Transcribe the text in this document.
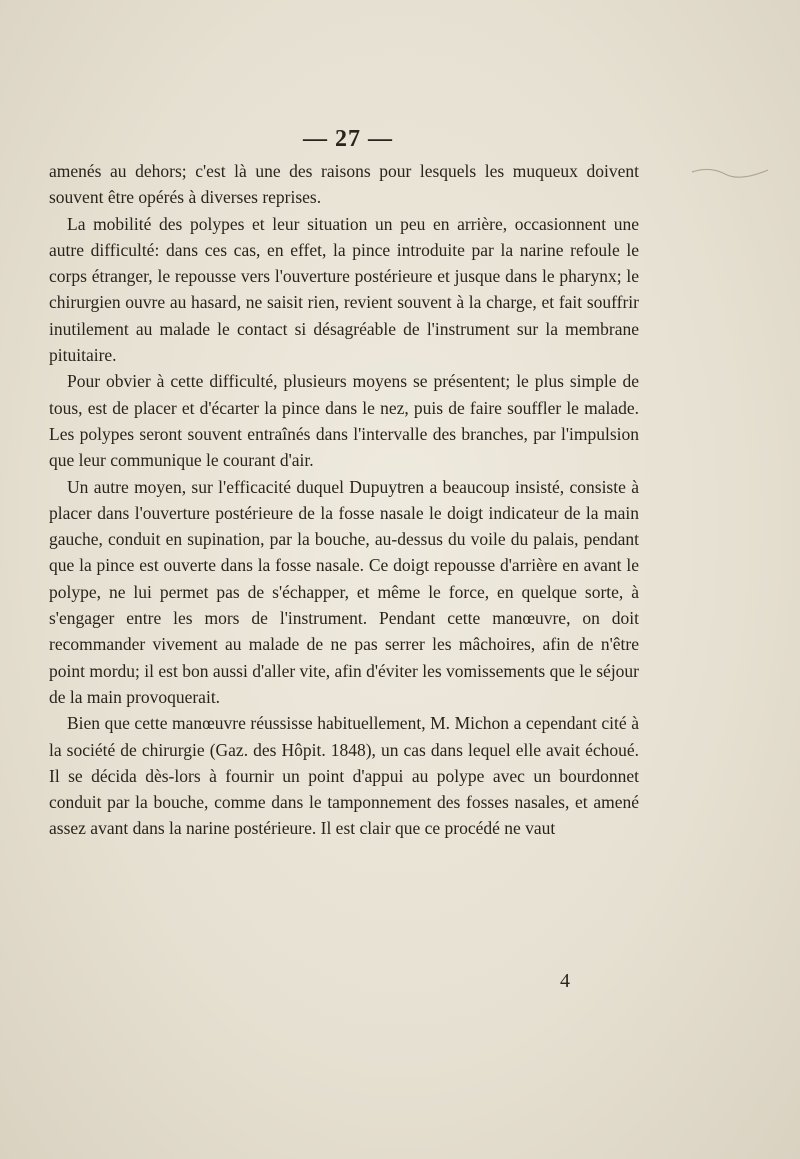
— 27 —

amenés au dehors; c'est là une des raisons pour lesquels les muqueux doivent souvent être opérés à diverses reprises.

La mobilité des polypes et leur situation un peu en arrière, occasionnent une autre difficulté: dans ces cas, en effet, la pince introduite par la narine refoule le corps étranger, le repousse vers l'ouverture postérieure et jusque dans le pharynx; le chirurgien ouvre au hasard, ne saisit rien, revient souvent à la charge, et fait souffrir inutilement au malade le contact si désagréable de l'instrument sur la membrane pituitaire.

Pour obvier à cette difficulté, plusieurs moyens se présentent; le plus simple de tous, est de placer et d'écarter la pince dans le nez, puis de faire souffler le malade. Les polypes seront souvent entraînés dans l'intervalle des branches, par l'impulsion que leur communique le courant d'air.

Un autre moyen, sur l'efficacité duquel Dupuytren a beaucoup insisté, consiste à placer dans l'ouverture postérieure de la fosse nasale le doigt indicateur de la main gauche, conduit en supination, par la bouche, au-dessus du voile du palais, pendant que la pince est ouverte dans la fosse nasale. Ce doigt repousse d'arrière en avant le polype, ne lui permet pas de s'échapper, et même le force, en quelque sorte, à s'engager entre les mors de l'instrument. Pendant cette manœuvre, on doit recommander vivement au malade de ne pas serrer les mâchoires, afin de n'être point mordu; il est bon aussi d'aller vite, afin d'éviter les vomissements que le séjour de la main provoquerait.

Bien que cette manœuvre réussisse habituellement, M. Michon a cependant cité à la société de chirurgie (Gaz. des Hôpit. 1848), un cas dans lequel elle avait échoué. Il se décida dès-lors à fournir un point d'appui au polype avec un bourdonnet conduit par la bouche, comme dans le tamponnement des fosses nasales, et amené assez avant dans la narine postérieure. Il est clair que ce procédé ne vaut

4
